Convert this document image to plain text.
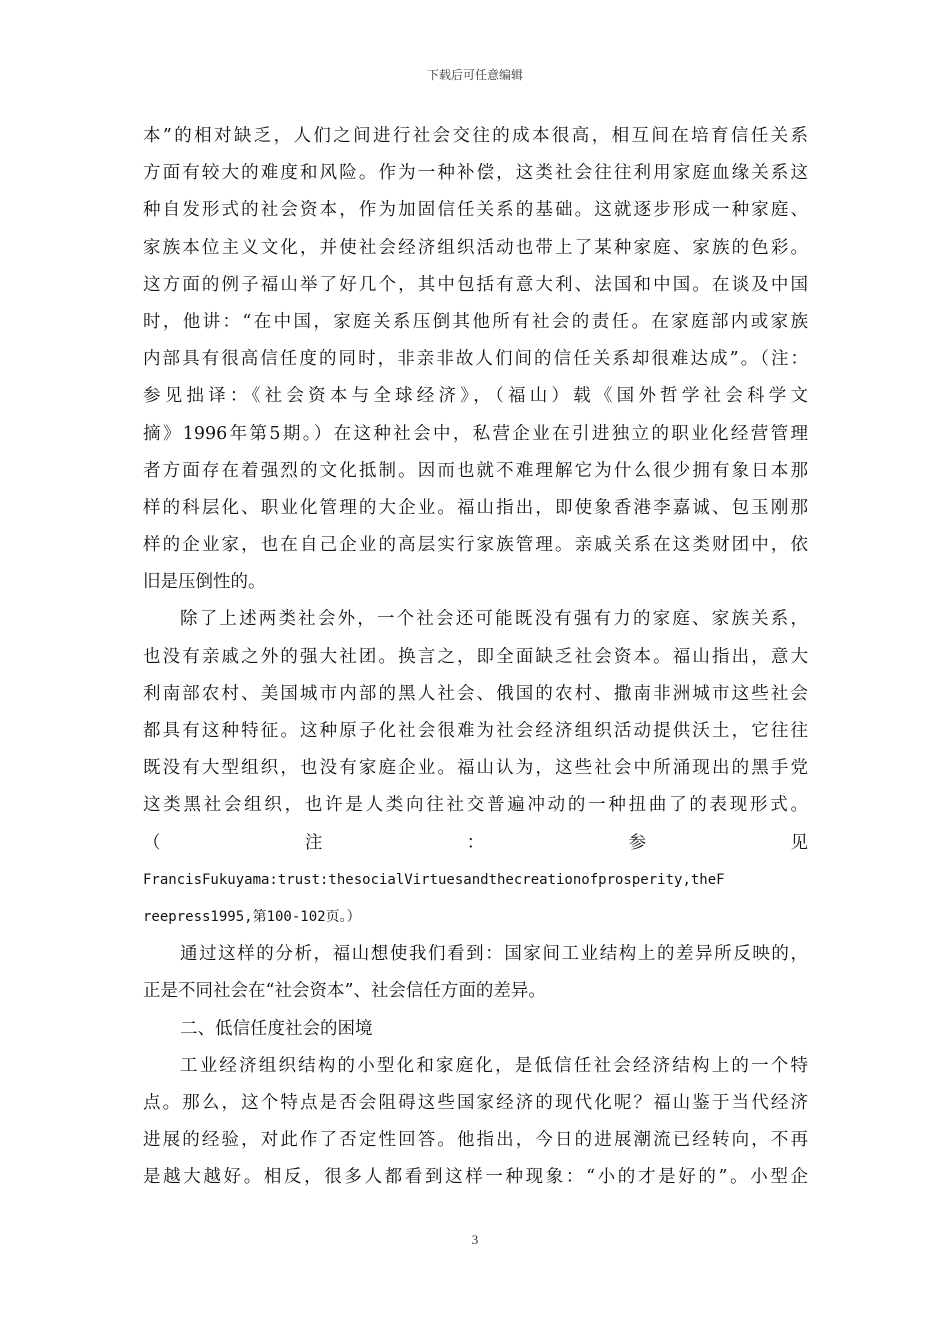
下载后可任意编辑
本”的相对缺乏，人们之间进行社会交往的成本很高，相互间在培育信任关系
方面有较大的难度和风险。作为一种补偿，这类社会往往利用家庭血缘关系这
种自发形式的社会资本，作为加固信任关系的基础。这就逐步形成一种家庭、
家族本位主义文化，并使社会经济组织活动也带上了某种家庭、家族的色彩。
这方面的例子福山举了好几个，其中包括有意大利、法国和中国。在谈及中国
时，他讲：“在中国，家庭关系压倒其他所有社会的责任。在家庭部内或家族
内部具有很高信任度的同时，非亲非故人们间的信任关系却很难达成”。（注：
参见拙译：《社会资本与全球经济》，（福山）载《国外哲学社会科学文
摘》1996年第5期。）在这种社会中，私营企业在引进独立的职业化经营管理
者方面存在着强烈的文化抵制。因而也就不难理解它为什么很少拥有象日本那
样的科层化、职业化管理的大企业。福山指出，即使象香港李嘉诚、包玉刚那
样的企业家，也在自己企业的高层实行家族管理。亲戚关系在这类财团中，依
旧是压倒性的。
除了上述两类社会外，一个社会还可能既没有强有力的家庭、家族关系，
也没有亲戚之外的强大社团。换言之，即全面缺乏社会资本。福山指出，意大
利南部农村、美国城市内部的黑人社会、俄国的农村、撒南非洲城市这些社会
都具有这种特征。这种原子化社会很难为社会经济组织活动提供沃土，它往往
既没有大型组织，也没有家庭企业。福山认为，这些社会中所涌现出的黑手党
这类黑社会组织，也许是人类向往社交普遍冲动的一种扭曲了的表现形式。
（注：参见
FrancisFukuyama:trust:thesocialVirtuesandthecreationofprosperity,theF
reepress1995,第100-102页。）
通过这样的分析，福山想使我们看到：国家间工业结构上的差异所反映的，
正是不同社会在“社会资本”、社会信任方面的差异。
二、低信任度社会的困境
工业经济组织结构的小型化和家庭化，是低信任社会经济结构上的一个特
点。那么，这个特点是否会阻碍这些国家经济的现代化呢？福山鉴于当代经济
进展的经验，对此作了否定性回答。他指出，今日的进展潮流已经转向，不再
是越大越好。相反，很多人都看到这样一种现象：“小的才是好的”。小型企
3
